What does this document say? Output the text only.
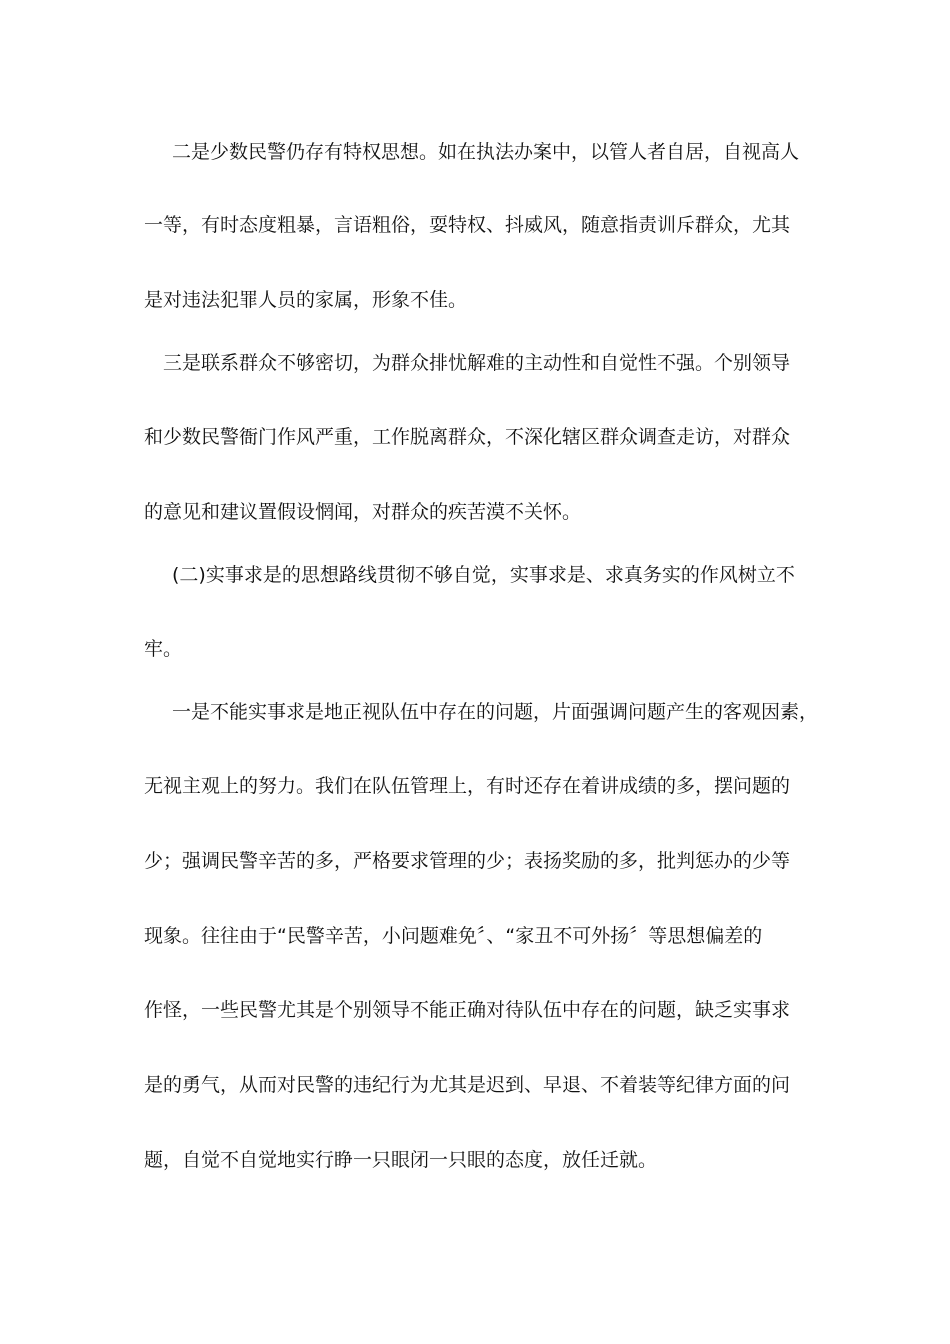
二是少数民警仍存有特权思想。如在执法办案中，以管人者自居，自视高人
一等，有时态度粗暴，言语粗俗，耍特权、抖威风，随意指责训斥群众，尤其
是对违法犯罪人员的家属，形象不佳。
三是联系群众不够密切，为群众排忧解难的主动性和自觉性不强。个别领导
和少数民警衙门作风严重，工作脱离群众，不深化辖区群众调查走访，对群众
的意见和建议置假设惘闻，对群众的疾苦漠不关怀。
(二)实事求是的思想路线贯彻不够自觉，实事求是、求真务实的作风树立不
牢。
一是不能实事求是地正视队伍中存在的问题，片面强调问题产生的客观因素，
无视主观上的努力。我们在队伍管理上，有时还存在着讲成绩的多，摆问题的
少；强调民警辛苦的多，严格要求管理的少；表扬奖励的多，批判惩办的少等
现象。往往由于“民警辛苦，小问题难免〞、“家丑不可外扬〞等思想偏差的
作怪，一些民警尤其是个别领导不能正确对待队伍中存在的问题，缺乏实事求
是的勇气，从而对民警的违纪行为尤其是迟到、早退、不着装等纪律方面的问
题，自觉不自觉地实行睁一只眼闭一只眼的态度，放任迁就。
